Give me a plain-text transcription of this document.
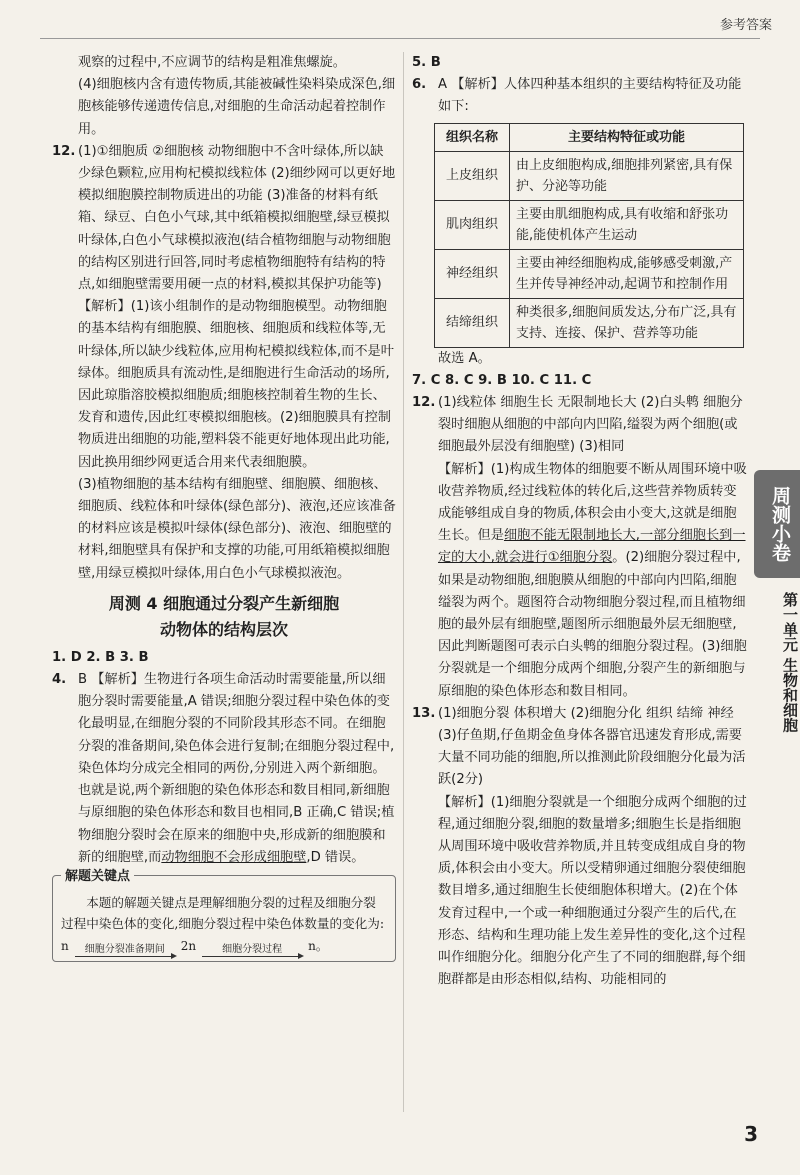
参考答案

观察的过程中,不应调节的结构是粗准焦螺旋。

(4)细胞核内含有遗传物质,其能被碱性染料染成深色,细胞核能够传递遗传信息,对细胞的生命活动起着控制作用。

12. (1)①细胞质 ②细胞核 动物细胞中不含叶绿体,所以缺少绿色颗粒,应用枸杞模拟线粒体 (2)细纱网可以更好地模拟细胞膜控制物质进出的功能 (3)准备的材料有纸箱、绿豆、白色小气球,其中纸箱模拟细胞壁,绿豆模拟叶绿体,白色小气球模拟液泡(结合植物细胞与动物细胞的结构区别进行回答,同时考虑植物细胞特有结构的特点,如细胞壁需要用硬一点的材料,模拟其保护功能等)

【解析】(1)该小组制作的是动物细胞模型。动物细胞的基本结构有细胞膜、细胞核、细胞质和线粒体等,无叶绿体,所以缺少线粒体,应用枸杞模拟线粒体,而不是叶绿体。细胞质具有流动性,是细胞进行生命活动的场所,因此琼脂溶胶模拟细胞质;细胞核控制着生物的生长、发育和遗传,因此红枣模拟细胞核。(2)细胞膜具有控制物质进出细胞的功能,塑料袋不能更好地体现出此功能,因此换用细纱网更适合用来代表细胞膜。

(3)植物细胞的基本结构有细胞壁、细胞膜、细胞核、细胞质、线粒体和叶绿体(绿色部分)、液泡,还应该准备的材料应该是模拟叶绿体(绿色部分)、液泡、细胞壁的材料,细胞壁具有保护和支撑的功能,可用纸箱模拟细胞壁,用绿豆模拟叶绿体,用白色小气球模拟液泡。

周测 4 细胞通过分裂产生新细胞
动物体的结构层次

1. D 2. B 3. B

4. B 【解析】生物进行各项生命活动时需要能量,所以细胞分裂时需要能量,A 错误;细胞分裂过程中染色体的变化最明显,在细胞分裂的不同阶段其形态不同。在细胞分裂的准备期间,染色体会进行复制;在细胞分裂过程中,染色体均分成完全相同的两份,分别进入两个新细胞。也就是说,两个新细胞的染色体形态和数目相同,新细胞与原细胞的染色体形态和数目也相同,B 正确,C 错误;植物细胞分裂时会在原来的细胞中央,形成新的细胞膜和新的细胞壁,而动物细胞不会形成细胞壁,D 错误。

解题关键点

本题的解题关键点是理解细胞分裂的过程及细胞分裂过程中染色体的变化,细胞分裂过程中染色体数量的变化为:

n 细胞分裂准备期间 2n	细胞分裂过程 n。

5. B

6. A 【解析】人体四种基本组织的主要结构特征及功能如下:

组织名称	主要结构特征或功能
上皮组织	由上皮细胞构成,细胞排列紧密,具有保护、分泌等功能
肌肉组织	主要由肌细胞构成,具有收缩和舒张功能,能使机体产生运动
神经组织	主要由神经细胞构成,能够感受刺激,产生并传导神经冲动,起调节和控制作用
结缔组织	种类很多,细胞间质发达,分布广泛,具有支持、连接、保护、营养等功能

故选 A。

7. C 8. C 9. B 10. C 11. C

12. (1)线粒体 细胞生长 无限制地长大 (2)白头鹎 细胞分裂时细胞从细胞的中部向内凹陷,缢裂为两个细胞(或细胞最外层没有细胞壁) (3)相同

【解析】(1)构成生物体的细胞要不断从周围环境中吸收营养物质,经过线粒体的转化后,这些营养物质转变成能够组成自身的物质,体积会由小变大,这就是细胞生长。但是细胞不能无限制地长大,一部分细胞长到一定的大小,就会进行①细胞分裂。(2)细胞分裂过程中,如果是动物细胞,细胞膜从细胞的中部向内凹陷,细胞缢裂为两个。题图符合动物细胞分裂过程,而且植物细胞的最外层有细胞壁,题图所示细胞最外层无细胞壁,因此判断题图可表示白头鹎的细胞分裂过程。(3)细胞分裂就是一个细胞分成两个细胞,分裂产生的新细胞与原细胞的染色体形态和数目相同。

13. (1)细胞分裂 体积增大 (2)细胞分化 组织 结缔 神经 (3)仔鱼期,仔鱼期金鱼身体各器官迅速发育形成,需要大量不同功能的细胞,所以推测此阶段细胞分化最为活跃(2分)

【解析】(1)细胞分裂就是一个细胞分成两个细胞的过程,通过细胞分裂,细胞的数量增多;细胞生长是指细胞从周围环境中吸收营养物质,并且转变成组成自身的物质,体积会由小变大。所以受精卵通过细胞分裂使细胞数目增多,通过细胞生长使细胞体积增大。(2)在个体发育过程中,一个或一种细胞通过分裂产生的后代,在形态、结构和生理功能上发生差异性的变化,这个过程叫作细胞分化。细胞分化产生了不同的细胞群,每个细胞群都是由形态相似,结构、功能相同的

周测小卷
第一单元 生物和细胞
3
